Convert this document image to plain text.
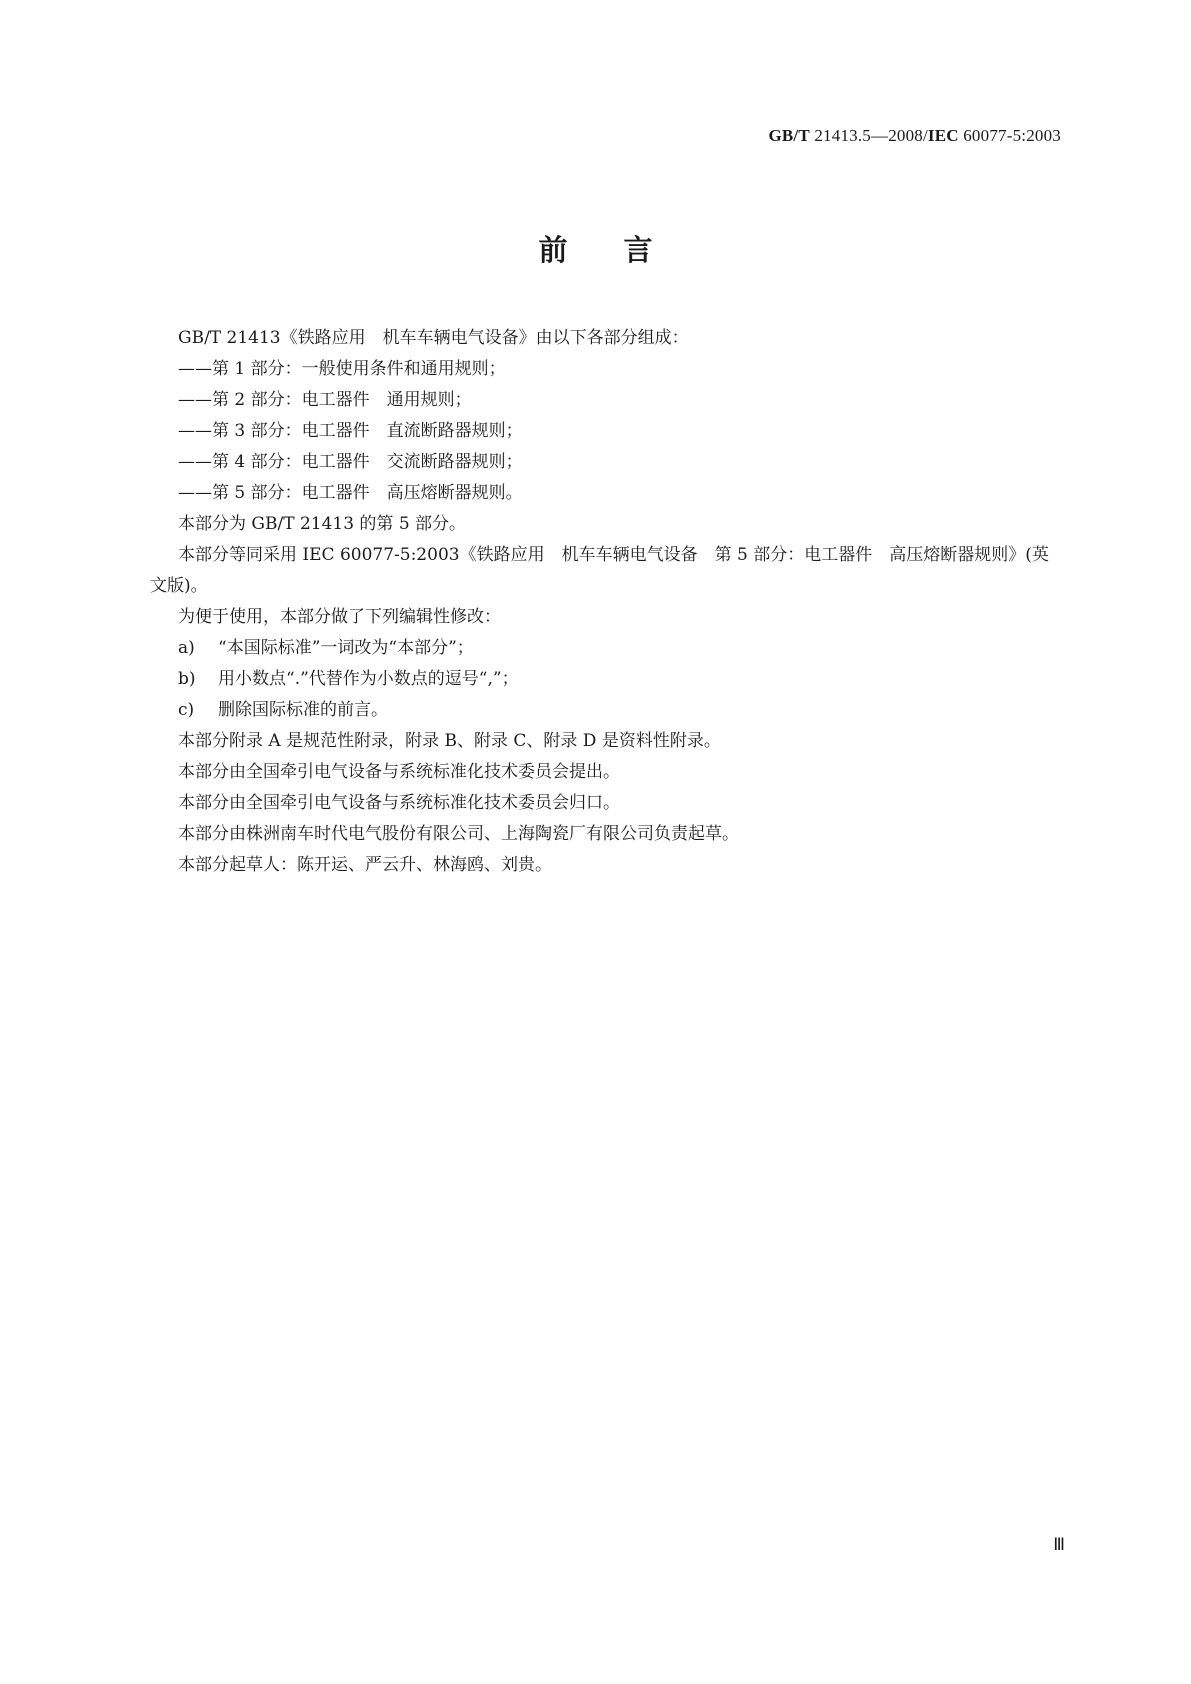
GB/T 21413.5—2008/IEC 60077-5:2003
前言

GB/T 21413《铁路应用　机车车辆电气设备》由以下各部分组成：

——第 1 部分：一般使用条件和通用规则；

——第 2 部分：电工器件　通用规则；

——第 3 部分：电工器件　直流断路器规则；

——第 4 部分：电工器件　交流断路器规则；

——第 5 部分：电工器件　高压熔断器规则。

本部分为 GB/T 21413 的第 5 部分。

本部分等同采用 IEC 60077-5:2003《铁路应用　机车车辆电气设备　第 5 部分：电工器件　高压熔断器规则》(英文版)。

为便于使用，本部分做了下列编辑性修改：

a) “本国际标准”一词改为“本部分”；

b) 用小数点“.”代替作为小数点的逗号“,”；

c) 删除国际标准的前言。

本部分附录 A 是规范性附录，附录 B、附录 C、附录 D 是资料性附录。

本部分由全国牵引电气设备与系统标准化技术委员会提出。

本部分由全国牵引电气设备与系统标准化技术委员会归口。

本部分由株洲南车时代电气股份有限公司、上海陶瓷厂有限公司负责起草。

本部分起草人：陈开运、严云升、林海鸥、刘贵。

Ⅲ
